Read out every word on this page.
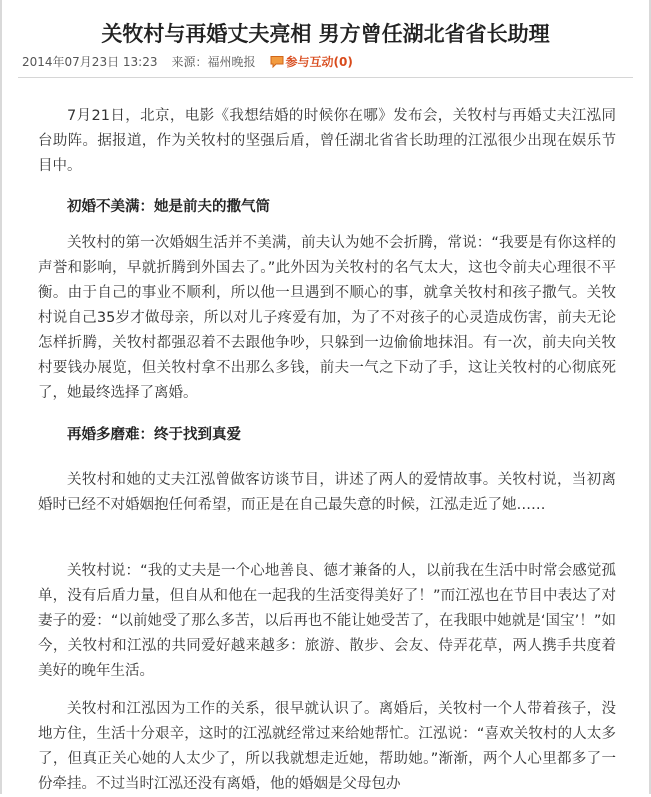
关牧村与再婚丈夫亮相 男方曾任湖北省省长助理
2014年07月23日 13:23 来源： 福州晚报	参与互动(0)

7月21日，北京，电影《我想结婚的时候你在哪》发布会，关牧村与再婚丈夫江泓同台助阵。据报道，作为关牧村的坚强后盾，曾任湖北省省长助理的江泓很少出现在娱乐节目中。

初婚不美满：她是前夫的撒气筒

关牧村的第一次婚姻生活并不美满，前夫认为她不会折腾，常说：“我要是有你这样的声誉和影响，早就折腾到外国去了。”此外因为关牧村的名气太大，这也令前夫心理很不平衡。由于自己的事业不顺利，所以他一旦遇到不顺心的事，就拿关牧村和孩子撒气。关牧村说自己35岁才做母亲，所以对儿子疼爱有加，为了不对孩子的心灵造成伤害，前夫无论怎样折腾，关牧村都强忍着不去跟他争吵，只躲到一边偷偷地抹泪。有一次，前夫向关牧村要钱办展览，但关牧村拿不出那么多钱，前夫一气之下动了手，这让关牧村的心彻底死了，她最终选择了离婚。

再婚多磨难：终于找到真爱

关牧村和她的丈夫江泓曾做客访谈节目，讲述了两人的爱情故事。关牧村说，当初离婚时已经不对婚姻抱任何希望，而正是在自己最失意的时候，江泓走近了她……

关牧村说：“我的丈夫是一个心地善良、德才兼备的人，以前我在生活中时常会感觉孤单，没有后盾力量，但自从和他在一起我的生活变得美好了！”而江泓也在节目中表达了对妻子的爱：“以前她受了那么多苦，以后再也不能让她受苦了，在我眼中她就是‘国宝’！”如今，关牧村和江泓的共同爱好越来越多：旅游、散步、会友、侍弄花草，两人携手共度着美好的晚年生活。

关牧村和江泓因为工作的关系，很早就认识了。离婚后，关牧村一个人带着孩子，没地方住，生活十分艰辛，这时的江泓就经常过来给她帮忙。江泓说：“喜欢关牧村的人太多了，但真正关心她的人太少了，所以我就想走近她，帮助她。”渐渐，两个人心里都多了一份牵挂。不过当时江泓还没有离婚，他的婚姻是父母包办
